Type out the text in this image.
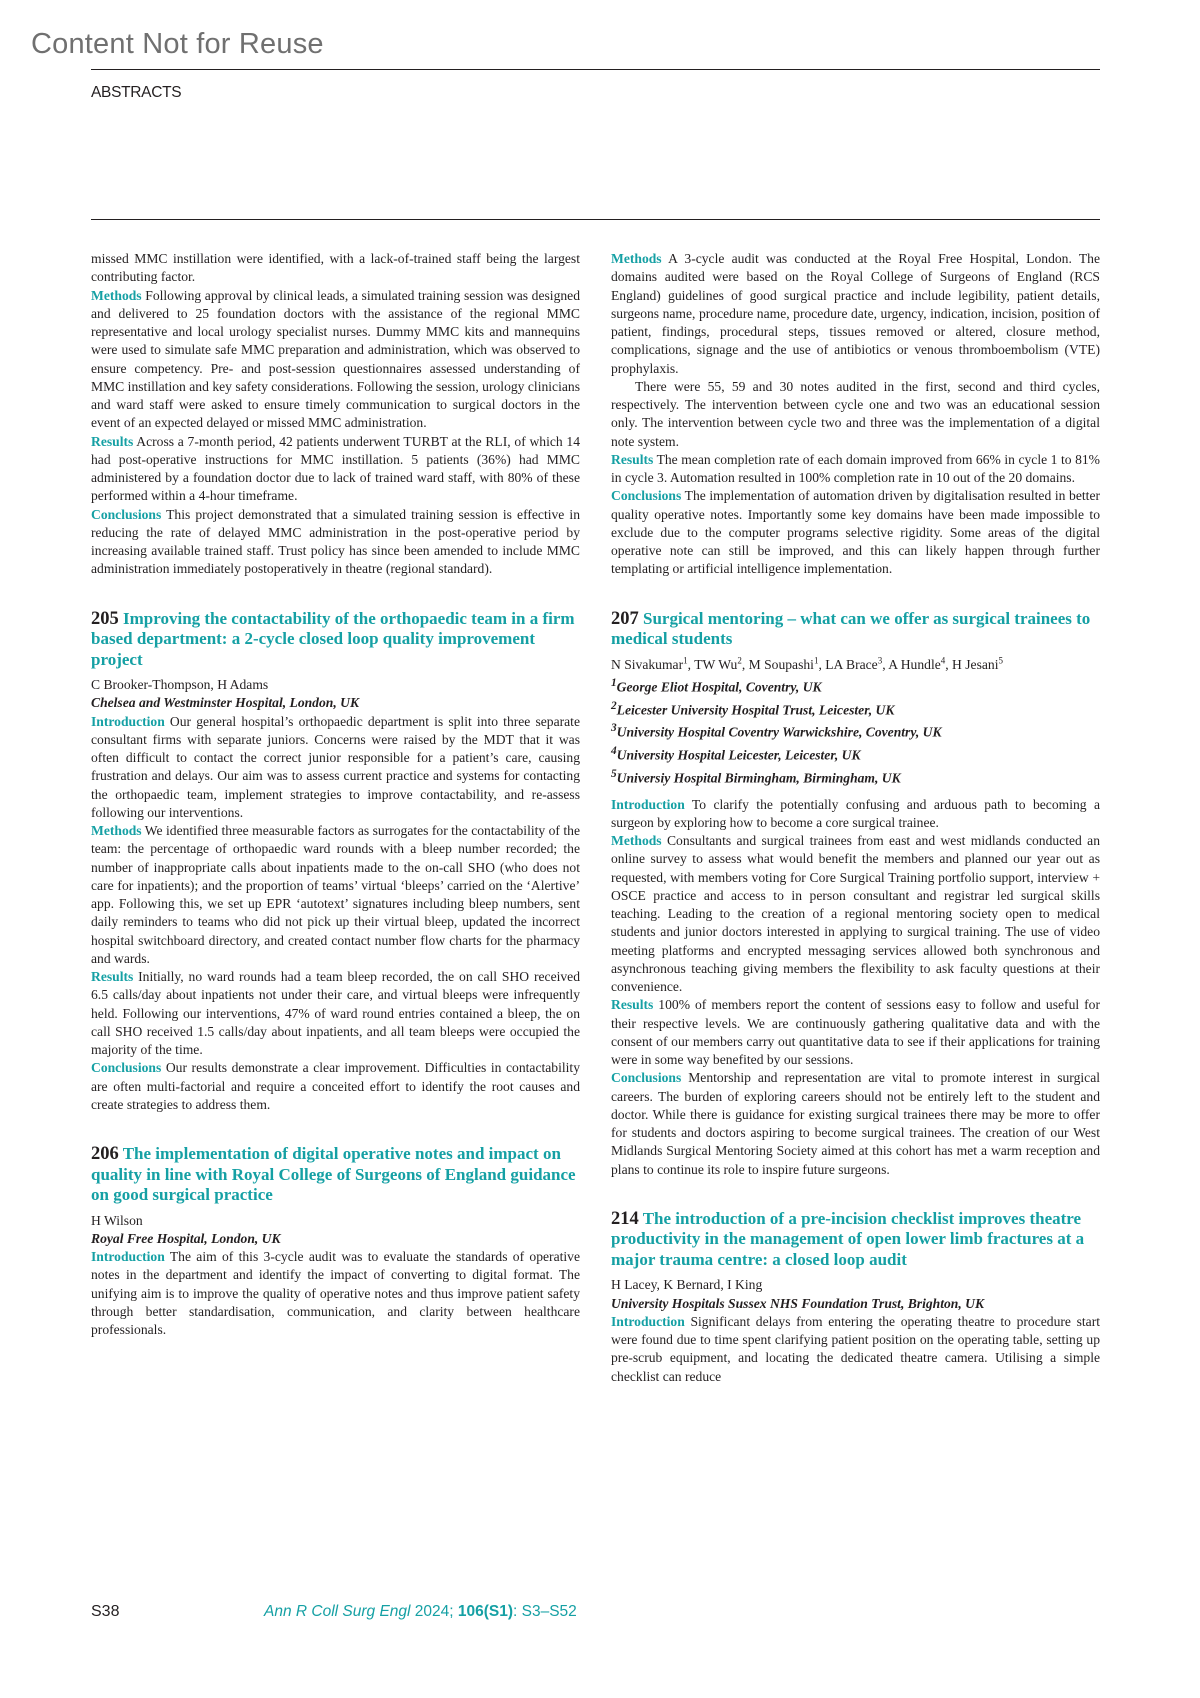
Content Not for Reuse
ABSTRACTS

missed MMC instillation were identified, with a lack-of-trained staff being the largest contributing factor.

Methods Following approval by clinical leads, a simulated training session was designed and delivered to 25 foundation doctors with the assistance of the regional MMC representative and local urology specialist nurses. Dummy MMC kits and mannequins were used to simulate safe MMC preparation and administration, which was observed to ensure competency. Pre- and post-session questionnaires assessed understanding of MMC instillation and key safety considerations. Following the session, urology clinicians and ward staff were asked to ensure timely communication to surgical doctors in the event of an expected delayed or missed MMC administration.

Results Across a 7-month period, 42 patients underwent TURBT at the RLI, of which 14 had post-operative instructions for MMC instillation. 5 patients (36%) had MMC administered by a foundation doctor due to lack of trained ward staff, with 80% of these performed within a 4-hour timeframe.

Conclusions This project demonstrated that a simulated training session is effective in reducing the rate of delayed MMC administration in the post-operative period by increasing available trained staff. Trust policy has since been amended to include MMC administration immediately postoperatively in theatre (regional standard).

205 Improving the contactability of the orthopaedic team in a firm based department: a 2-cycle closed loop quality improvement project

C Brooker-Thompson, H Adams

Chelsea and Westminster Hospital, London, UK

Introduction Our general hospital’s orthopaedic department is split into three separate consultant firms with separate juniors. Concerns were raised by the MDT that it was often difficult to contact the correct junior responsible for a patient’s care, causing frustration and delays. Our aim was to assess current practice and systems for contacting the orthopaedic team, implement strategies to improve contactability, and re-assess following our interventions.

Methods We identified three measurable factors as surrogates for the contactability of the team: the percentage of orthopaedic ward rounds with a bleep number recorded; the number of inappropriate calls about inpatients made to the on-call SHO (who does not care for inpatients); and the proportion of teams’ virtual ‘bleeps’ carried on the ‘Alertive’ app. Following this, we set up EPR ‘autotext’ signatures including bleep numbers, sent daily reminders to teams who did not pick up their virtual bleep, updated the incorrect hospital switchboard directory, and created contact number flow charts for the pharmacy and wards.

Results Initially, no ward rounds had a team bleep recorded, the on call SHO received 6.5 calls/day about inpatients not under their care, and virtual bleeps were infrequently held. Following our interventions, 47% of ward round entries contained a bleep, the on call SHO received 1.5 calls/day about inpatients, and all team bleeps were occupied the majority of the time.

Conclusions Our results demonstrate a clear improvement. Difficulties in contactability are often multi-factorial and require a conceited effort to identify the root causes and create strategies to address them.

206 The implementation of digital operative notes and impact on quality in line with Royal College of Surgeons of England guidance on good surgical practice

H Wilson

Royal Free Hospital, London, UK

Introduction The aim of this 3-cycle audit was to evaluate the standards of operative notes in the department and identify the impact of converting to digital format. The unifying aim is to improve the quality of operative notes and thus improve patient safety through better standardisation, communication, and clarity between healthcare professionals.

Methods A 3-cycle audit was conducted at the Royal Free Hospital, London. The domains audited were based on the Royal College of Surgeons of England (RCS England) guidelines of good surgical practice and include legibility, patient details, surgeons name, procedure name, procedure date, urgency, indication, incision, position of patient, findings, procedural steps, tissues removed or altered, closure method, complications, signage and the use of antibiotics or venous thromboembolism (VTE) prophylaxis.

There were 55, 59 and 30 notes audited in the first, second and third cycles, respectively. The intervention between cycle one and two was an educational session only. The intervention between cycle two and three was the implementation of a digital note system.

Results The mean completion rate of each domain improved from 66% in cycle 1 to 81% in cycle 3. Automation resulted in 100% completion rate in 10 out of the 20 domains.

Conclusions The implementation of automation driven by digitalisation resulted in better quality operative notes. Importantly some key domains have been made impossible to exclude due to the computer programs selective rigidity. Some areas of the digital operative note can still be improved, and this can likely happen through further templating or artificial intelligence implementation.

207 Surgical mentoring – what can we offer as surgical trainees to medical students

N Sivakumar$^1$, TW Wu$^2$, M Soupashi$^1$, LA Brace$^3$, A Hundle$^4$, H Jesani$^5$

$^1$George Eliot Hospital, Coventry, UK

$^2$Leicester University Hospital Trust, Leicester, UK

$^3$University Hospital Coventry Warwickshire, Coventry, UK

$^4$University Hospital Leicester, Leicester, UK

$^5$Universiy Hospital Birmingham, Birmingham, UK

Introduction To clarify the potentially confusing and arduous path to becoming a surgeon by exploring how to become a core surgical trainee.

Methods Consultants and surgical trainees from east and west midlands conducted an online survey to assess what would benefit the members and planned our year out as requested, with members voting for Core Surgical Training portfolio support, interview + OSCE practice and access to in person consultant and registrar led surgical skills teaching. Leading to the creation of a regional mentoring society open to medical students and junior doctors interested in applying to surgical training. The use of video meeting platforms and encrypted messaging services allowed both synchronous and asynchronous teaching giving members the flexibility to ask faculty questions at their convenience.

Results 100% of members report the content of sessions easy to follow and useful for their respective levels. We are continuously gathering qualitative data and with the consent of our members carry out quantitative data to see if their applications for training were in some way benefited by our sessions.

Conclusions Mentorship and representation are vital to promote interest in surgical careers. The burden of exploring careers should not be entirely left to the student and doctor. While there is guidance for existing surgical trainees there may be more to offer for students and doctors aspiring to become surgical trainees. The creation of our West Midlands Surgical Mentoring Society aimed at this cohort has met a warm reception and plans to continue its role to inspire future surgeons.

214 The introduction of a pre-incision checklist improves theatre productivity in the management of open lower limb fractures at a major trauma centre: a closed loop audit

H Lacey, K Bernard, I King

University Hospitals Sussex NHS Foundation Trust, Brighton, UK

Introduction Significant delays from entering the operating theatre to procedure start were found due to time spent clarifying patient position on the operating table, setting up pre-scrub equipment, and locating the dedicated theatre camera. Utilising a simple checklist can reduce

S38	Ann R Coll Surg Engl 2024; 106(S1): S3–S52
